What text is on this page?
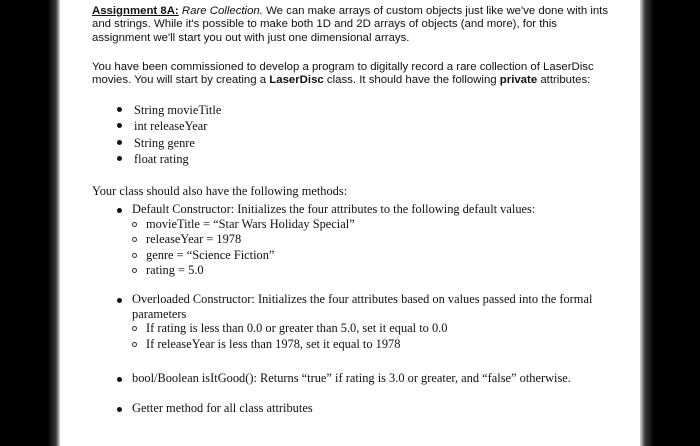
Assignment 8A: Rare Collection. We can make arrays of custom objects just like we've done with ints and strings. While it's possible to make both 1D and 2D arrays of objects (and more), for this assignment we'll start you out with just one dimensional arrays.

You have been commissioned to develop a program to digitally record a rare collection of LaserDisc movies. You will start by creating a LaserDisc class. It should have the following private attributes:

String movieTitle
int releaseYear
String genre
float rating

Your class should also have the following methods:

Default Constructor: Initializes the four attributes to the following default values:
movieTitle = “Star Wars Holiday Special”
releaseYear = 1978
genre = “Science Fiction”
rating = 5.0
Overloaded Constructor: Initializes the four attributes based on values passed into the formal parameters
If rating is less than 0.0 or greater than 5.0, set it equal to 0.0
If releaseYear is less than 1978, set it equal to 1978
bool/Boolean isItGood(): Returns “true” if rating is 3.0 or greater, and “false” otherwise.
Getter method for all class attributes
